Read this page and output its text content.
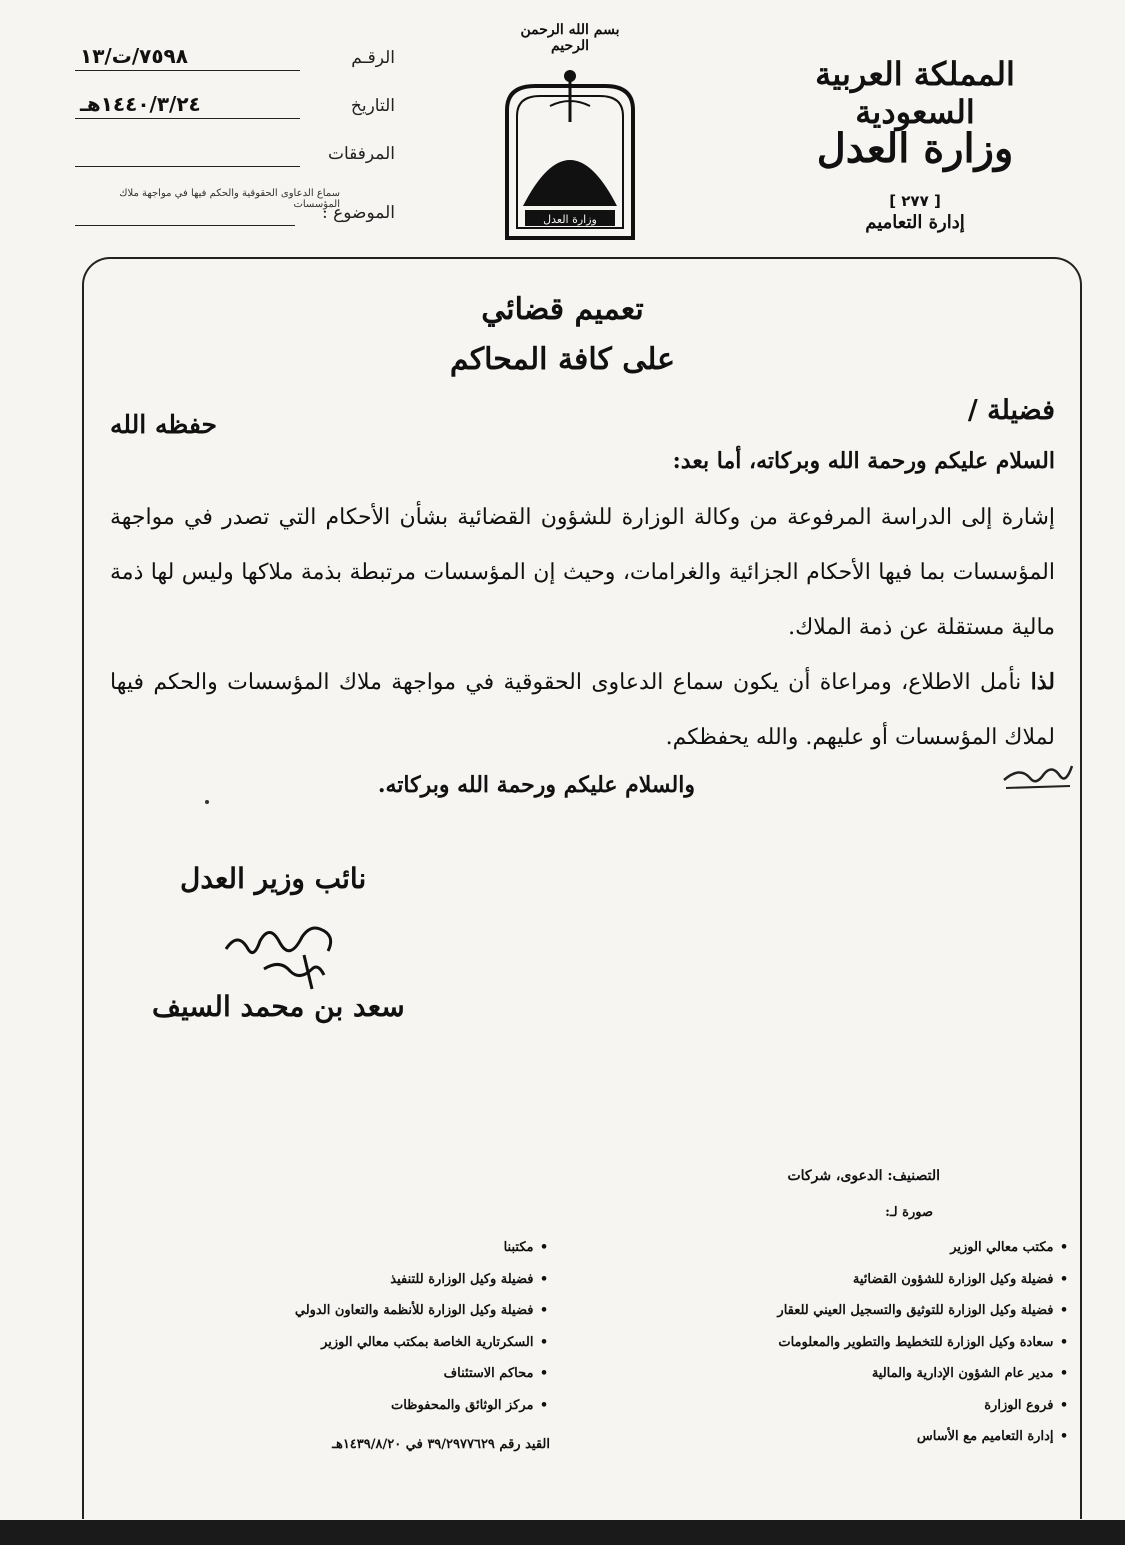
المملكة العربية السعودية
وزارة العدل
[ ٢٧٧ ]
إدارة التعاميم
بسم الله الرحمن الرحيم
وزارة العدل
الرقـم
٧٥٩٨/ت/١٣
التاريخ
١٤٤٠/٣/٢٤هـ
المرفقات
سماع الدعاوى الحقوقية والحكم فيها في مواجهة ملاك المؤسسات
الموضوع :
تعميم قضائي
على كافة المحاكم
فضيلة /
حفظه الله
السلام عليكم ورحمة الله وبركاته، أما بعد:
إشارة إلى الدراسة المرفوعة من وكالة الوزارة للشؤون القضائية بشأن الأحكام التي تصدر في مواجهة المؤسسات بما فيها الأحكام الجزائية والغرامات، وحيث إن المؤسسات مرتبطة بذمة ملاكها وليس لها ذمة مالية مستقلة عن ذمة الملاك.
لذا نأمل الاطلاع، ومراعاة أن يكون سماع الدعاوى الحقوقية في مواجهة ملاك المؤسسات والحكم فيها لملاك المؤسسات أو عليهم. والله يحفظكم.
والسلام عليكم ورحمة الله وبركاته.
نائب وزير العدل
سعد بن محمد السيف
التصنيف: الدعوى، شركات
صورة لـ:
• مكتب معالي الوزير
• فضيلة وكيل الوزارة للشؤون القضائية
• فضيلة وكيل الوزارة للتوثيق والتسجيل العيني للعقار
• سعادة وكيل الوزارة للتخطيط والتطوير والمعلومات
• مدير عام الشؤون الإدارية والمالية
• فروع الوزارة
• إدارة التعاميم مع الأساس
• مكتبنا
• فضيلة وكيل الوزارة للتنفيذ
• فضيلة وكيل الوزارة للأنظمة والتعاون الدولي
• السكرتارية الخاصة بمكتب معالي الوزير
• محاكم الاستئناف
• مركز الوثائق والمحفوظات
القيد رقم ٣٩/٢٩٧٧٦٢٩ في ١٤٣٩/٨/٢٠هـ
